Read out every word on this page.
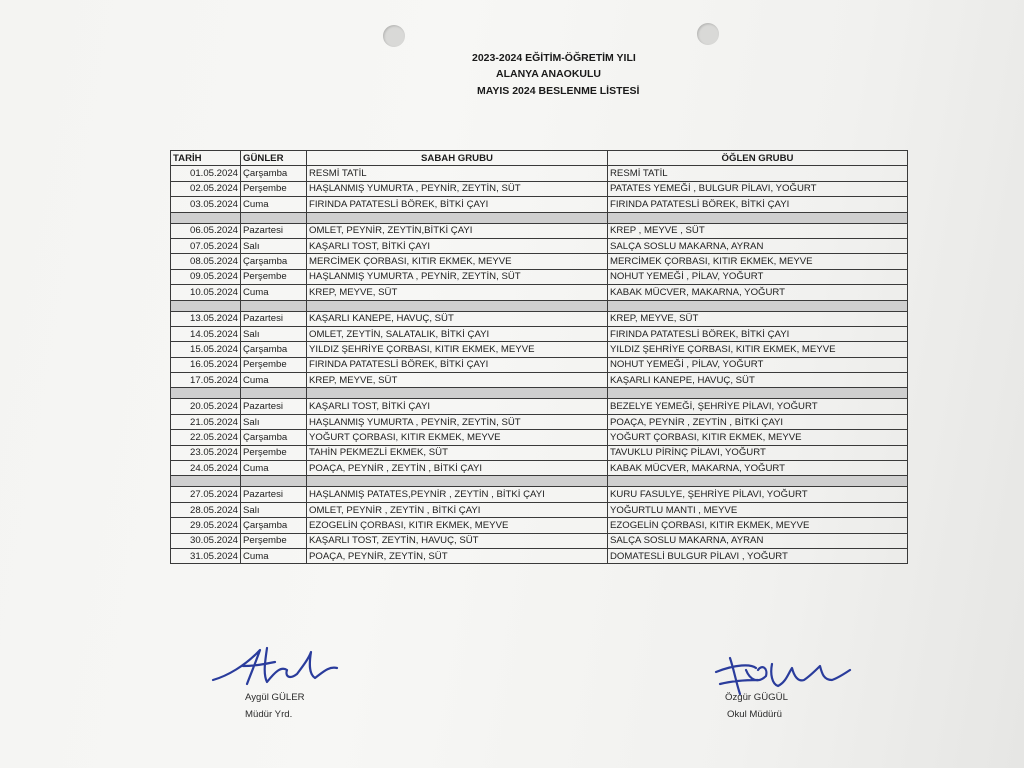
2023-2024 EĞİTİM-ÖĞRETİM YILI
ALANYA ANAOKULU
MAYIS 2024 BESLENME LİSTESİ
TARİH	GÜNLER	SABAH GRUBU	ÖĞLEN GRUBU
01.05.2024	Çarşamba	RESMİ TATİL	RESMİ TATİL
02.05.2024	Perşembe	HAŞLANMIŞ YUMURTA , PEYNİR, ZEYTİN, SÜT	PATATES YEMEĞİ , BULGUR PİLAVI, YOĞURT
03.05.2024	Cuma	FIRINDA PATATESLİ BÖREK, BİTKİ ÇAYI	FIRINDA PATATESLİ BÖREK, BİTKİ ÇAYI

06.05.2024	Pazartesi	OMLET, PEYNİR, ZEYTİN,BİTKİ ÇAYI	KREP , MEYVE , SÜT
07.05.2024	Salı	KAŞARLI TOST, BİTKİ ÇAYI	SALÇA SOSLU MAKARNA, AYRAN
08.05.2024	Çarşamba	MERCİMEK ÇORBASI, KITIR EKMEK, MEYVE	MERCİMEK ÇORBASI, KITIR EKMEK, MEYVE
09.05.2024	Perşembe	HAŞLANMIŞ YUMURTA , PEYNİR, ZEYTİN, SÜT	NOHUT YEMEĞİ , PİLAV, YOĞURT
10.05.2024	Cuma	KREP, MEYVE, SÜT	KABAK MÜCVER, MAKARNA, YOĞURT

13.05.2024	Pazartesi	KAŞARLI KANEPE, HAVUÇ, SÜT	KREP, MEYVE, SÜT
14.05.2024	Salı	OMLET, ZEYTİN, SALATALIK, BİTKİ ÇAYI	FIRINDA PATATESLİ BÖREK, BİTKİ ÇAYI
15.05.2024	Çarşamba	YILDIZ ŞEHRİYE ÇORBASI, KITIR EKMEK, MEYVE	YILDIZ ŞEHRİYE ÇORBASI, KITIR EKMEK, MEYVE
16.05.2024	Perşembe	FIRINDA PATATESLİ BÖREK, BİTKİ ÇAYI	NOHUT YEMEĞİ , PİLAV, YOĞURT
17.05.2024	Cuma	KREP, MEYVE, SÜT	KAŞARLI KANEPE, HAVUÇ, SÜT

20.05.2024	Pazartesi	KAŞARLI TOST, BİTKİ ÇAYI	BEZELYE YEMEĞİ, ŞEHRİYE PİLAVI, YOĞURT
21.05.2024	Salı	HAŞLANMIŞ YUMURTA , PEYNİR, ZEYTİN, SÜT	POAÇA, PEYNİR , ZEYTİN , BİTKİ ÇAYI
22.05.2024	Çarşamba	YOĞURT ÇORBASI, KITIR EKMEK, MEYVE	YOĞURT ÇORBASI, KITIR EKMEK, MEYVE
23.05.2024	Perşembe	TAHİN PEKMEZLİ EKMEK, SÜT	TAVUKLU PİRİNÇ PİLAVI, YOĞURT
24.05.2024	Cuma	POAÇA, PEYNİR , ZEYTİN , BİTKİ ÇAYI	KABAK MÜCVER, MAKARNA, YOĞURT

27.05.2024	Pazartesi	HAŞLANMIŞ PATATES,PEYNİR , ZEYTİN , BİTKİ ÇAYI	KURU FASULYE, ŞEHRİYE PİLAVI, YOĞURT
28.05.2024	Salı	OMLET, PEYNİR , ZEYTİN , BİTKİ ÇAYI	YOĞURTLU MANTI , MEYVE
29.05.2024	Çarşamba	EZOGELİN ÇORBASI, KITIR EKMEK, MEYVE	EZOGELİN ÇORBASI, KITIR EKMEK, MEYVE
30.05.2024	Perşembe	KAŞARLI TOST, ZEYTİN, HAVUÇ, SÜT	SALÇA SOSLU MAKARNA, AYRAN
31.05.2024	Cuma	POAÇA, PEYNİR, ZEYTİN, SÜT	DOMATESLİ BULGUR PİLAVI , YOĞURT
Aygül GÜLER
Müdür Yrd.
Özgür GÜGÜL
Okul Müdürü
